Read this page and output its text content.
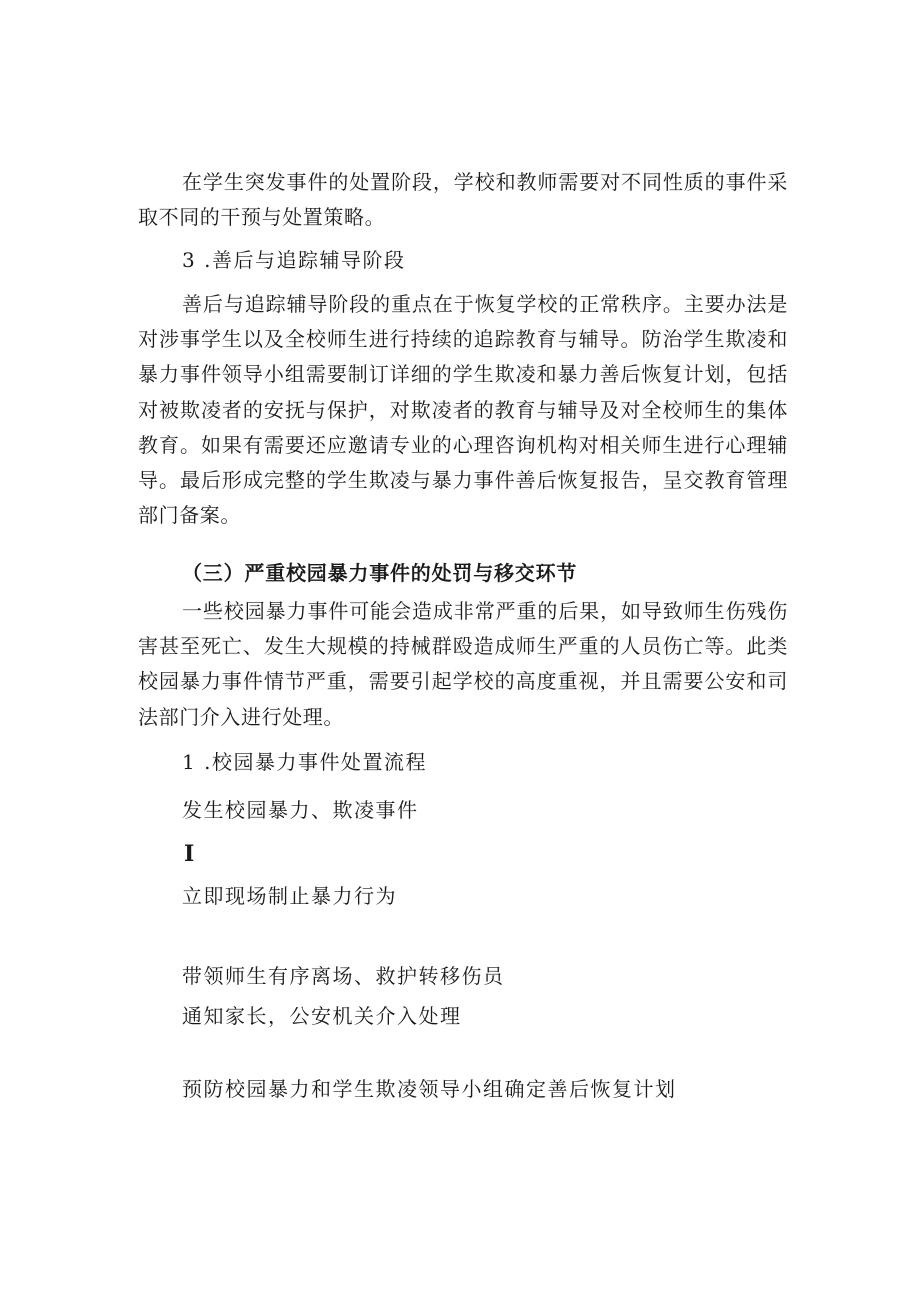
在学生突发事件的处置阶段，学校和教师需要对不同性质的事件采取不同的干预与处置策略。

3 .善后与追踪辅导阶段

善后与追踪辅导阶段的重点在于恢复学校的正常秩序。主要办法是对涉事学生以及全校师生进行持续的追踪教育与辅导。防治学生欺凌和暴力事件领导小组需要制订详细的学生欺凌和暴力善后恢复计划，包括对被欺凌者的安抚与保护，对欺凌者的教育与辅导及对全校师生的集体教育。如果有需要还应邀请专业的心理咨询机构对相关师生进行心理辅导。最后形成完整的学生欺凌与暴力事件善后恢复报告，呈交教育管理部门备案。

（三）严重校园暴力事件的处罚与移交环节

一些校园暴力事件可能会造成非常严重的后果，如导致师生伤残伤害甚至死亡、发生大规模的持械群殴造成师生严重的人员伤亡等。此类校园暴力事件情节严重，需要引起学校的高度重视，并且需要公安和司法部门介入进行处理。

1 .校园暴力事件处置流程

发生校园暴力、欺凌事件

I

立即现场制止暴力行为

带领师生有序离场、救护转移伤员

通知家长，公安机关介入处理

预防校园暴力和学生欺凌领导小组确定善后恢复计划
